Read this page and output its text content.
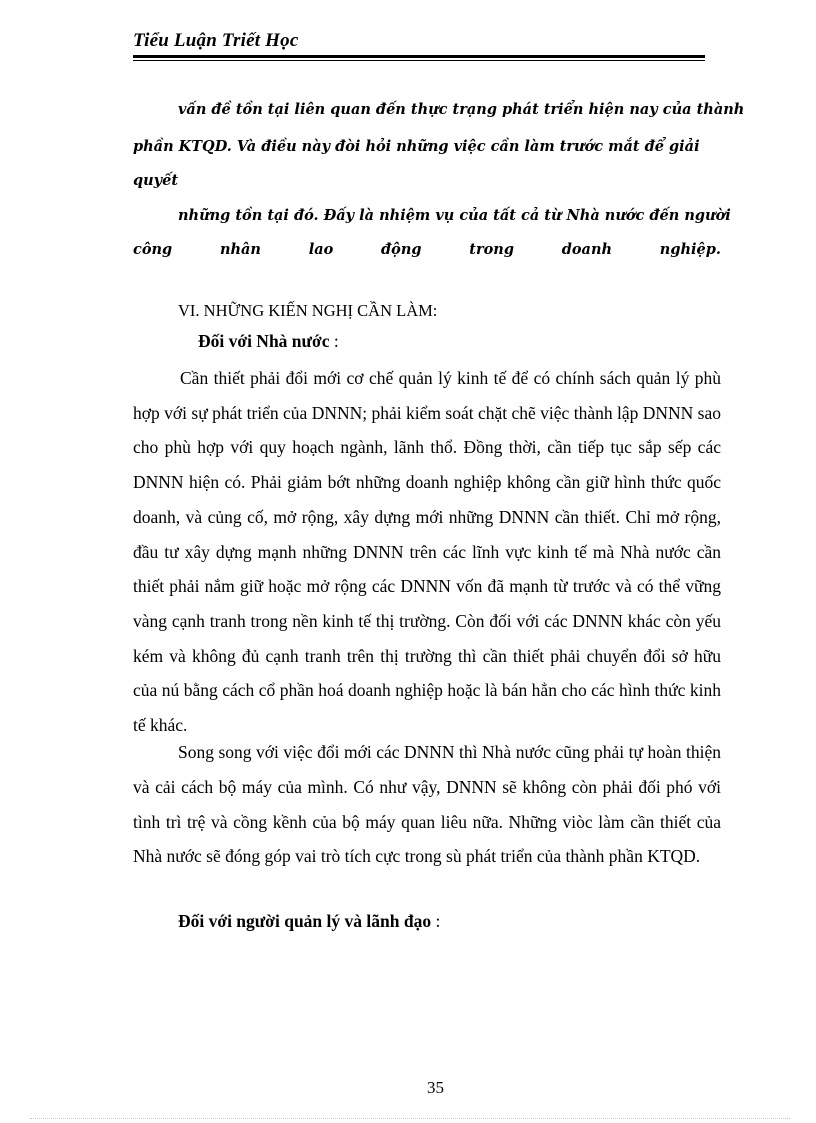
Tiểu Luận Triết Học
vấn đề tồn tại liên quan đến thực trạng phát triển hiện nay của thành
phần KTQD. Và điều này đòi hỏi những việc cần làm trước mắt để giải
quyết
những tồn tại đó. Đấy là nhiệm vụ của tất cả từ Nhà nước đến người
công	nhân	lao	động	trong	doanh	nghiệp.
VI. NHỮNG KIẾN NGHỊ CẦN LÀM:
Đối với Nhà nước :

Cần thiết phải đổi mới cơ chế quản lý kinh tế để có chính sách quản lý phù hợp với sự phát triển của DNNN; phải kiểm soát chặt chẽ việc thành lập DNNN sao cho phù hợp với quy hoạch ngành, lãnh thổ. Đồng thời, cần tiếp tục sắp sếp các DNNN hiện có. Phải giảm bớt những doanh nghiệp không cần giữ hình thức quốc doanh, và củng cố, mở rộng, xây dựng mới những DNNN cần thiết. Chỉ mở rộng, đầu tư xây dựng mạnh những DNNN trên các lĩnh vực kinh tế mà Nhà nước cần thiết phải nắm giữ hoặc mở rộng các DNNN vốn đã mạnh từ trước và có thể vững vàng cạnh tranh trong nền kinh tế thị trường. Còn đối với các DNNN khác còn yếu kém và không đủ cạnh tranh trên thị trường thì cần thiết phải chuyển đổi sở hữu của nú bằng cách cổ phần hoá doanh nghiệp hoặc là bán hẳn cho các hình thức kinh tế khác.

Song song với việc đổi mới các DNNN thì Nhà nước cũng phải tự hoàn thiện và cải cách bộ máy của mình. Có như vậy, DNNN sẽ không còn phải đối phó với tình trì trệ và cồng kềnh của bộ máy quan liêu nữa. Những viòc làm cần thiết của Nhà nước sẽ đóng góp vai trò tích cực trong sù phát triển của thành phần KTQD.

Đối với người quản lý và lãnh đạo :
35
